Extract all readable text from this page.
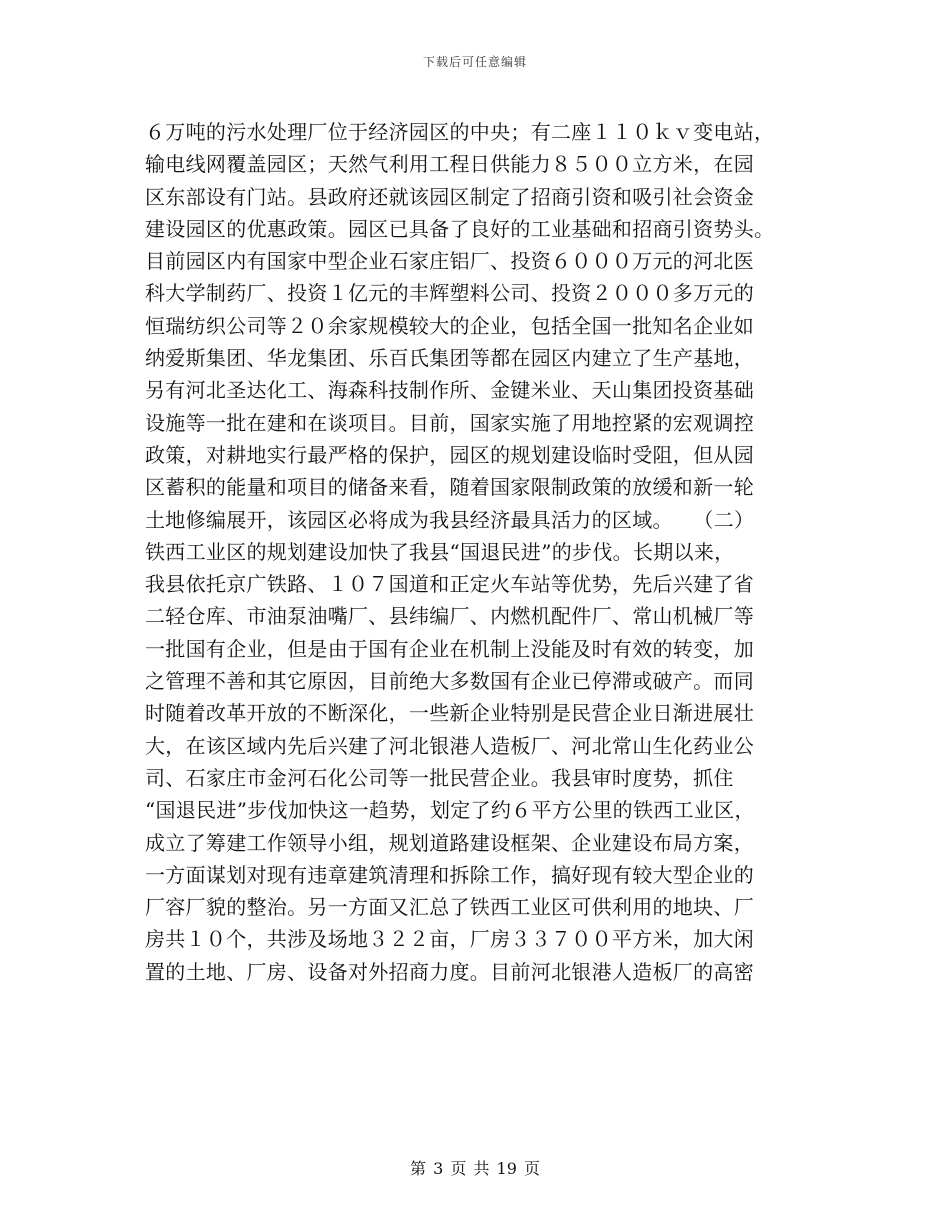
下载后可任意编辑
６万吨的污水处理厂位于经济园区的中央；有二座１１０ｋｖ变电站，
输电线网覆盖园区；天然气利用工程日供能力８５００立方米，在园
区东部设有门站。县政府还就该园区制定了招商引资和吸引社会资金
建设园区的优惠政策。园区已具备了良好的工业基础和招商引资势头。
目前园区内有国家中型企业石家庄铝厂、投资６０００万元的河北医
科大学制药厂、投资１亿元的丰辉塑料公司、投资２０００多万元的
恒瑞纺织公司等２０余家规模较大的企业，包括全国一批知名企业如
纳爱斯集团、华龙集团、乐百氏集团等都在园区内建立了生产基地，
另有河北圣达化工、海森科技制作所、金键米业、天山集团投资基础
设施等一批在建和在谈项目。目前，国家实施了用地控紧的宏观调控
政策，对耕地实行最严格的保护，园区的规划建设临时受阻，但从园
区蓄积的能量和项目的储备来看，随着国家限制政策的放缓和新一轮
土地修编展开，该园区必将成为我县经济最具活力的区域。　　（二）
铁西工业区的规划建设加快了我县“国退民进”的步伐。长期以来，
我县依托京广铁路、１０７国道和正定火车站等优势，先后兴建了省
二轻仓库、市油泵油嘴厂、县纬编厂、内燃机配件厂、常山机械厂等
一批国有企业，但是由于国有企业在机制上没能及时有效的转变，加
之管理不善和其它原因，目前绝大多数国有企业已停滞或破产。而同
时随着改革开放的不断深化，一些新企业特别是民营企业日渐进展壮
大，在该区域内先后兴建了河北银港人造板厂、河北常山生化药业公
司、石家庄市金河石化公司等一批民营企业。我县审时度势，抓住
“国退民进”步伐加快这一趋势，划定了约６平方公里的铁西工业区，
成立了筹建工作领导小组，规划道路建设框架、企业建设布局方案，
一方面谋划对现有违章建筑清理和拆除工作，搞好现有较大型企业的
厂容厂貌的整治。另一方面又汇总了铁西工业区可供利用的地块、厂
房共１０个，共涉及场地３２２亩，厂房３３７００平方米，加大闲
置的土地、厂房、设备对外招商力度。目前河北银港人造板厂的高密
第 3 页 共 19 页
